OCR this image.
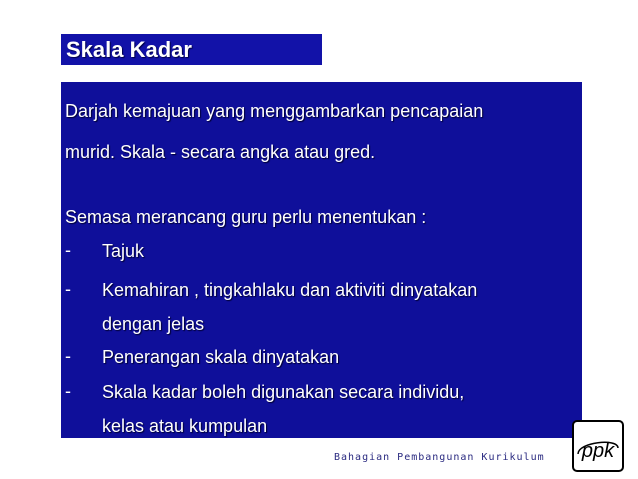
Skala Kadar
Darjah kemajuan yang menggambarkan pencapaian
murid. Skala - secara angka atau gred.
Semasa merancang guru perlu menentukan :
- Tajuk
- Kemahiran , tingkahlaku dan aktiviti dinyatakan
dengan jelas
- Penerangan skala dinyatakan
- Skala kadar boleh digunakan secara individu,
kelas atau kumpulan
Bahagian Pembangunan Kurikulum ppk
